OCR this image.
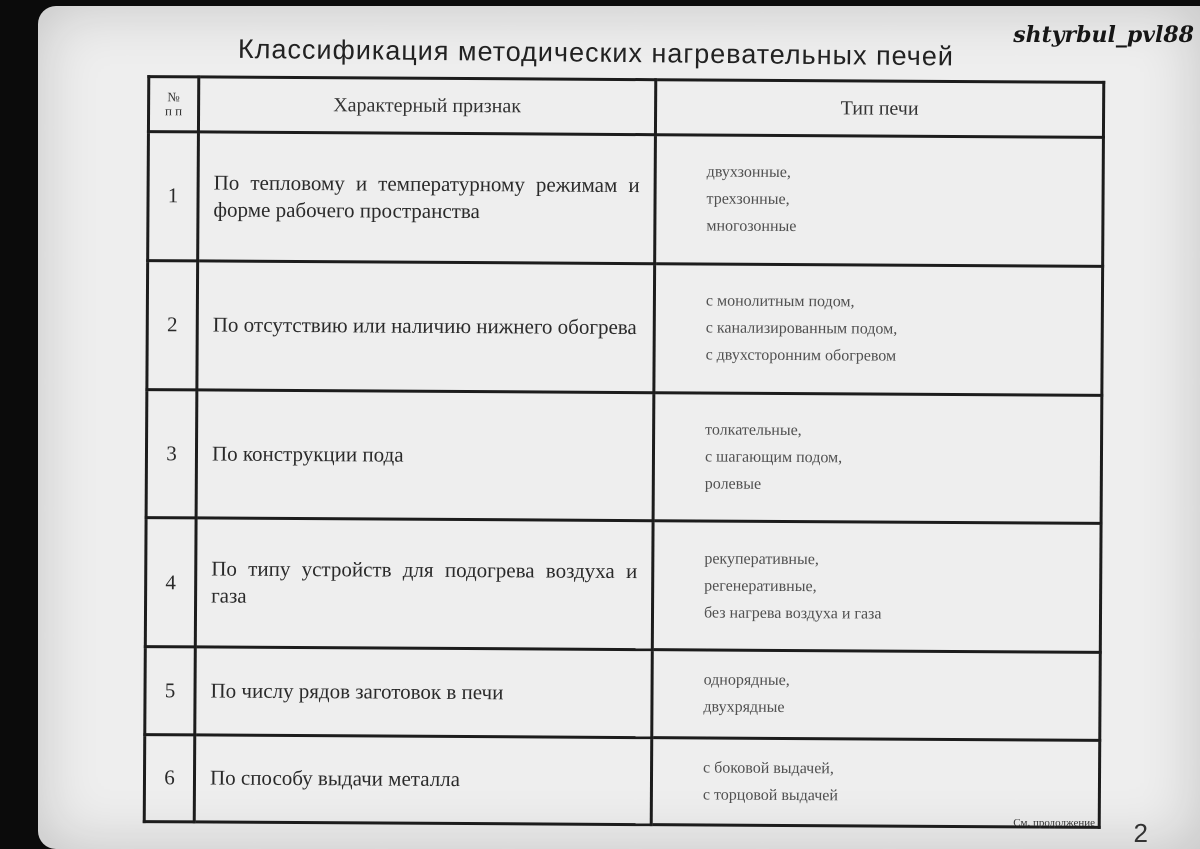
shtyrbul_pvl88
Классификация методических нагревательных печей
№
п п	Характерный признак	Тип печи
1	По тепловому и температурному режимам и форме рабочего пространства	двухзонные,
трехзонные,
многозонные

2	По отсутствию или наличию нижнего обогрева	с монолитным подом,
с канализированным подом,
с двухсторонним обогревом

3	По конструкции пода	толкательные,
с шагающим подом,
ролевые

4	По типу устройств для подогрева воздуха и газа	рекуперативные,
регенеративные,
без нагрева воздуха и газа

5	По числу рядов заготовок в печи	однорядные,
двухрядные

6	По способу выдачи металла	с боковой выдачей,
с торцовой выдачей
См. продолжение 2
